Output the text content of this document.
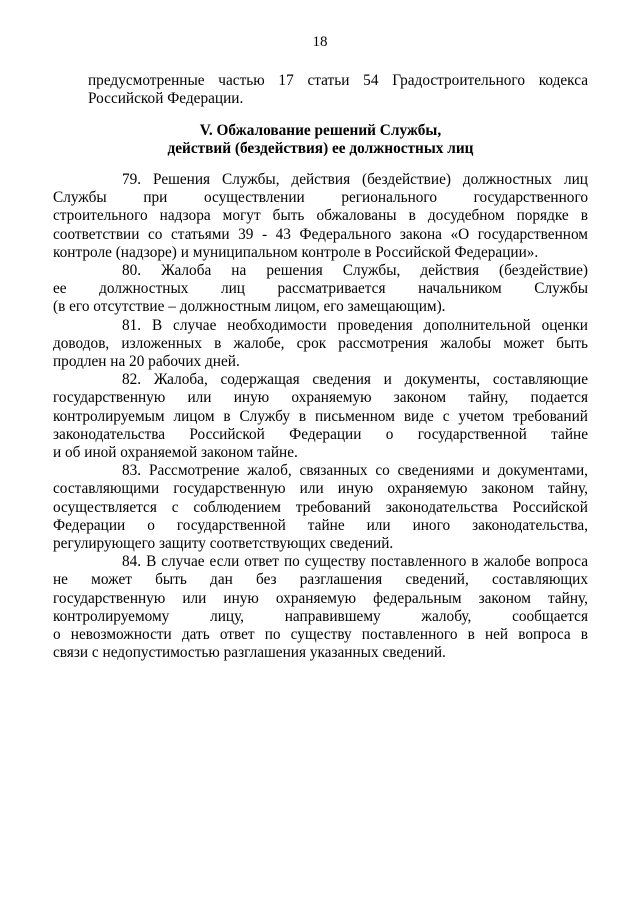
18
предусмотренные частью 17 статьи 54 Градостроительного кодекса
Российской Федерации.
V. Обжалование решений Службы,
действий (бездействия) ее должностных лиц
79. Решения Службы, действия (бездействие) должностных лиц
Службы при осуществлении регионального государственного
строительного надзора могут быть обжалованы в досудебном порядке в
соответствии со статьями 39 - 43 Федерального закона «О государственном
контроле (надзоре) и муниципальном контроле в Российской Федерации».
80. Жалоба на решения Службы, действия (бездействие)
ее должностных лиц рассматривается начальником Службы
(в его отсутствие – должностным лицом, его замещающим).
81. В случае необходимости проведения дополнительной оценки
доводов, изложенных в жалобе, срок рассмотрения жалобы может быть
продлен на 20 рабочих дней.
82. Жалоба, содержащая сведения и документы, составляющие
государственную или иную охраняемую законом тайну, подается
контролируемым лицом в Службу в письменном виде с учетом требований
законодательства Российской Федерации о государственной тайне
и об иной охраняемой законом тайне.
83. Рассмотрение жалоб, связанных со сведениями и документами,
составляющими государственную или иную охраняемую законом тайну,
осуществляется с соблюдением требований законодательства Российской
Федерации о государственной тайне или иного законодательства,
регулирующего защиту соответствующих сведений.
84. В случае если ответ по существу поставленного в жалобе вопроса
не может быть дан без разглашения сведений, составляющих
государственную или иную охраняемую федеральным законом тайну,
контролируемому лицу, направившему жалобу, сообщается
о невозможности дать ответ по существу поставленного в ней вопроса в
связи с недопустимостью разглашения указанных сведений.
